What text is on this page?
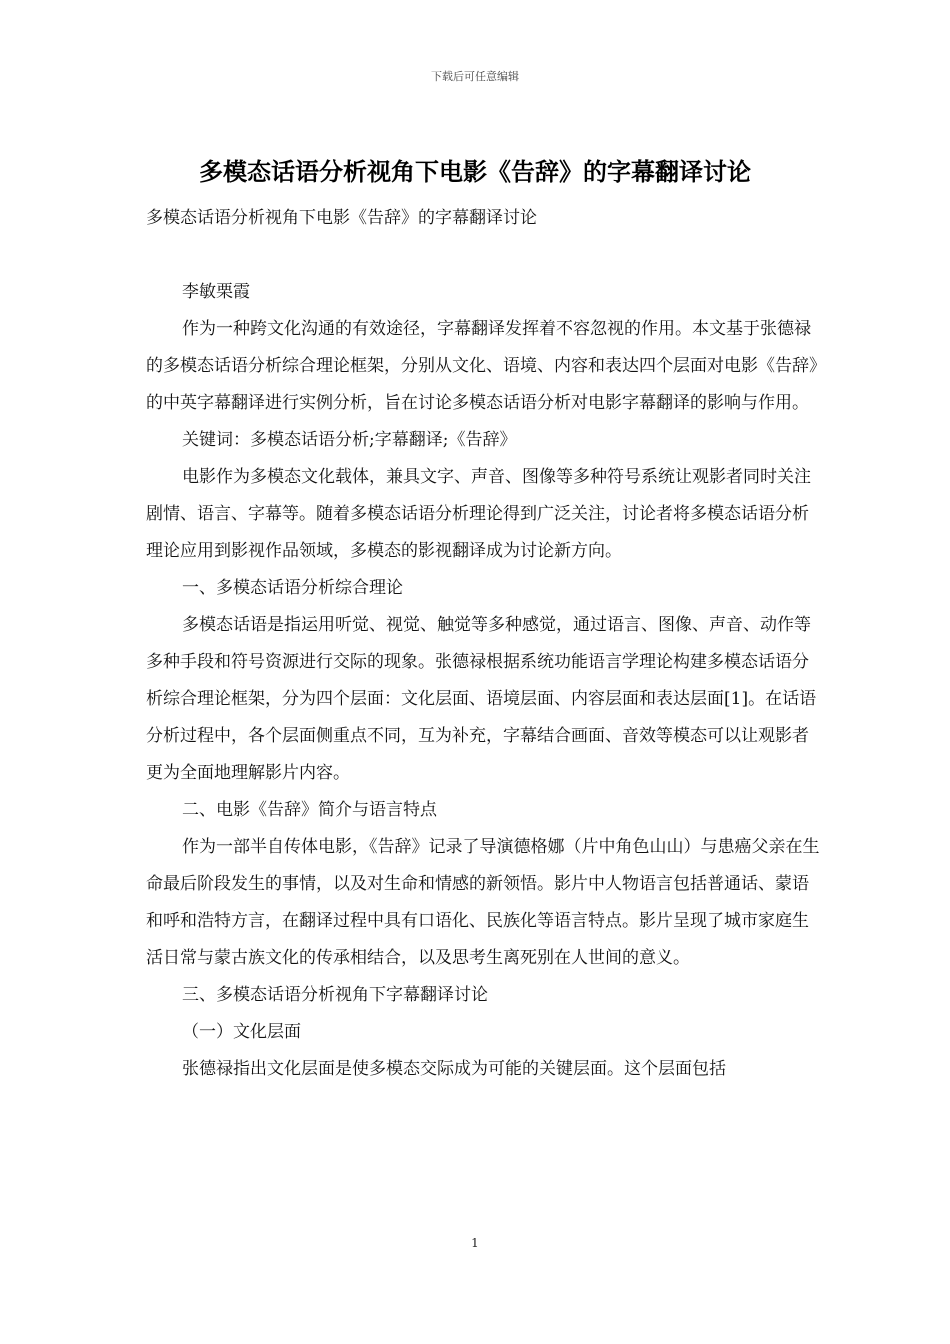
下载后可任意编辑
多模态话语分析视角下电影《告辞》的字幕翻译讨论

多模态话语分析视角下电影《告辞》的字幕翻译讨论

李敏栗霞

作为一种跨文化沟通的有效途径，字幕翻译发挥着不容忽视的作用。本文基于张德禄的多模态话语分析综合理论框架，分别从文化、语境、内容和表达四个层面对电影《告辞》的中英字幕翻译进行实例分析，旨在讨论多模态话语分析对电影字幕翻译的影响与作用。

关键词：多模态话语分析;字幕翻译;《告辞》

电影作为多模态文化载体，兼具文字、声音、图像等多种符号系统让观影者同时关注剧情、语言、字幕等。随着多模态话语分析理论得到广泛关注，讨论者将多模态话语分析理论应用到影视作品领域，多模态的影视翻译成为讨论新方向。

一、多模态话语分析综合理论

多模态话语是指运用听觉、视觉、触觉等多种感觉，通过语言、图像、声音、动作等多种手段和符号资源进行交际的现象。张德禄根据系统功能语言学理论构建多模态话语分析综合理论框架，分为四个层面：文化层面、语境层面、内容层面和表达层面[1]。在话语分析过程中，各个层面侧重点不同，互为补充，字幕结合画面、音效等模态可以让观影者更为全面地理解影片内容。

二、电影《告辞》简介与语言特点

作为一部半自传体电影，《告辞》记录了导演德格娜（片中角色山山）与患癌父亲在生命最后阶段发生的事情，以及对生命和情感的新领悟。影片中人物语言包括普通话、蒙语和呼和浩特方言，在翻译过程中具有口语化、民族化等语言特点。影片呈现了城市家庭生活日常与蒙古族文化的传承相结合，以及思考生离死别在人世间的意义。

三、多模态话语分析视角下字幕翻译讨论

（一）文化层面

张德禄指出文化层面是使多模态交际成为可能的关键层面。这个层面包括

1
